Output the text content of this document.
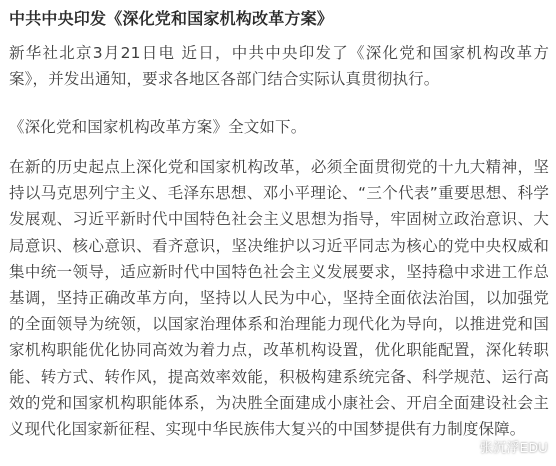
中共中央印发《深化党和国家机构改革方案》

新华社北京3月21日电 近日，中共中央印发了《深化党和国家机构改革方案》，并发出通知，要求各地区各部门结合实际认真贯彻执行。

《深化党和国家机构改革方案》全文如下。

在新的历史起点上深化党和国家机构改革，必须全面贯彻党的十九大精神，坚持以马克思列宁主义、毛泽东思想、邓小平理论、“三个代表”重要思想、科学发展观、习近平新时代中国特色社会主义思想为指导，牢固树立政治意识、大局意识、核心意识、看齐意识，坚决维护以习近平同志为核心的党中央权威和集中统一领导，适应新时代中国特色社会主义发展要求，坚持稳中求进工作总基调，坚持正确改革方向，坚持以人民为中心，坚持全面依法治国，以加强党的全面领导为统领，以国家治理体系和治理能力现代化为导向，以推进党和国家机构职能优化协同高效为着力点，改革机构设置，优化职能配置，深化转职能、转方式、转作风，提高效率效能，积极构建系统完备、科学规范、运行高效的党和国家机构职能体系，为决胜全面建成小康社会、开启全面建设社会主义现代化国家新征程、实现中华民族伟大复兴的中国梦提供有力制度保障。

张沉浮EDU
